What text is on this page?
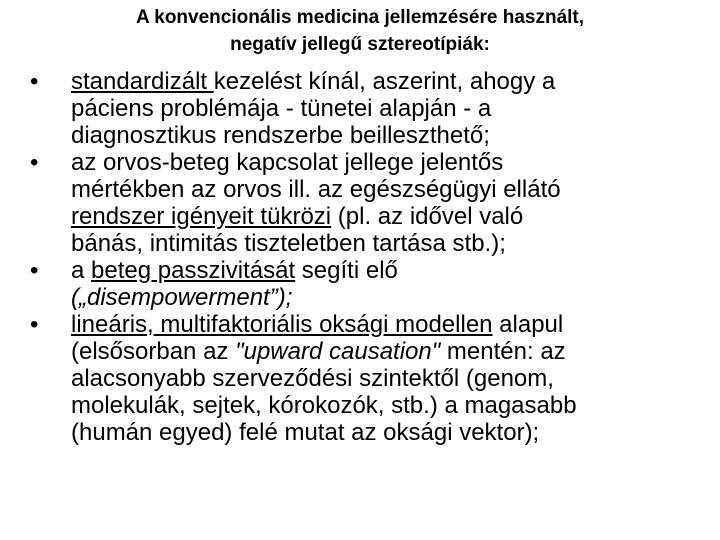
A konvencionális medicina jellemzésére használt,
negatív jellegű sztereotípiák:
• standardizált kezelést kínál, aszerint, ahogy a
páciens problémája - tünetei alapján - a
diagnosztikus rendszerbe beilleszthető;
• az orvos-beteg kapcsolat jellege jelentős
mértékben az orvos ill. az egészségügyi ellátó
rendszer igényeit tükrözi (pl. az idővel való
bánás, intimitás tiszteletben tartása stb.);
• a beteg passzivitását segíti elő
(„disempowerment”);
• lineáris, multifaktoriális oksági modellen alapul
(elsősorban az "upward causation" mentén: az
alacsonyabb szerveződési szintektől (genom,
molekulák, sejtek, kórokozók, stb.) a magasabb
(humán egyed) felé mutat az oksági vektor);
